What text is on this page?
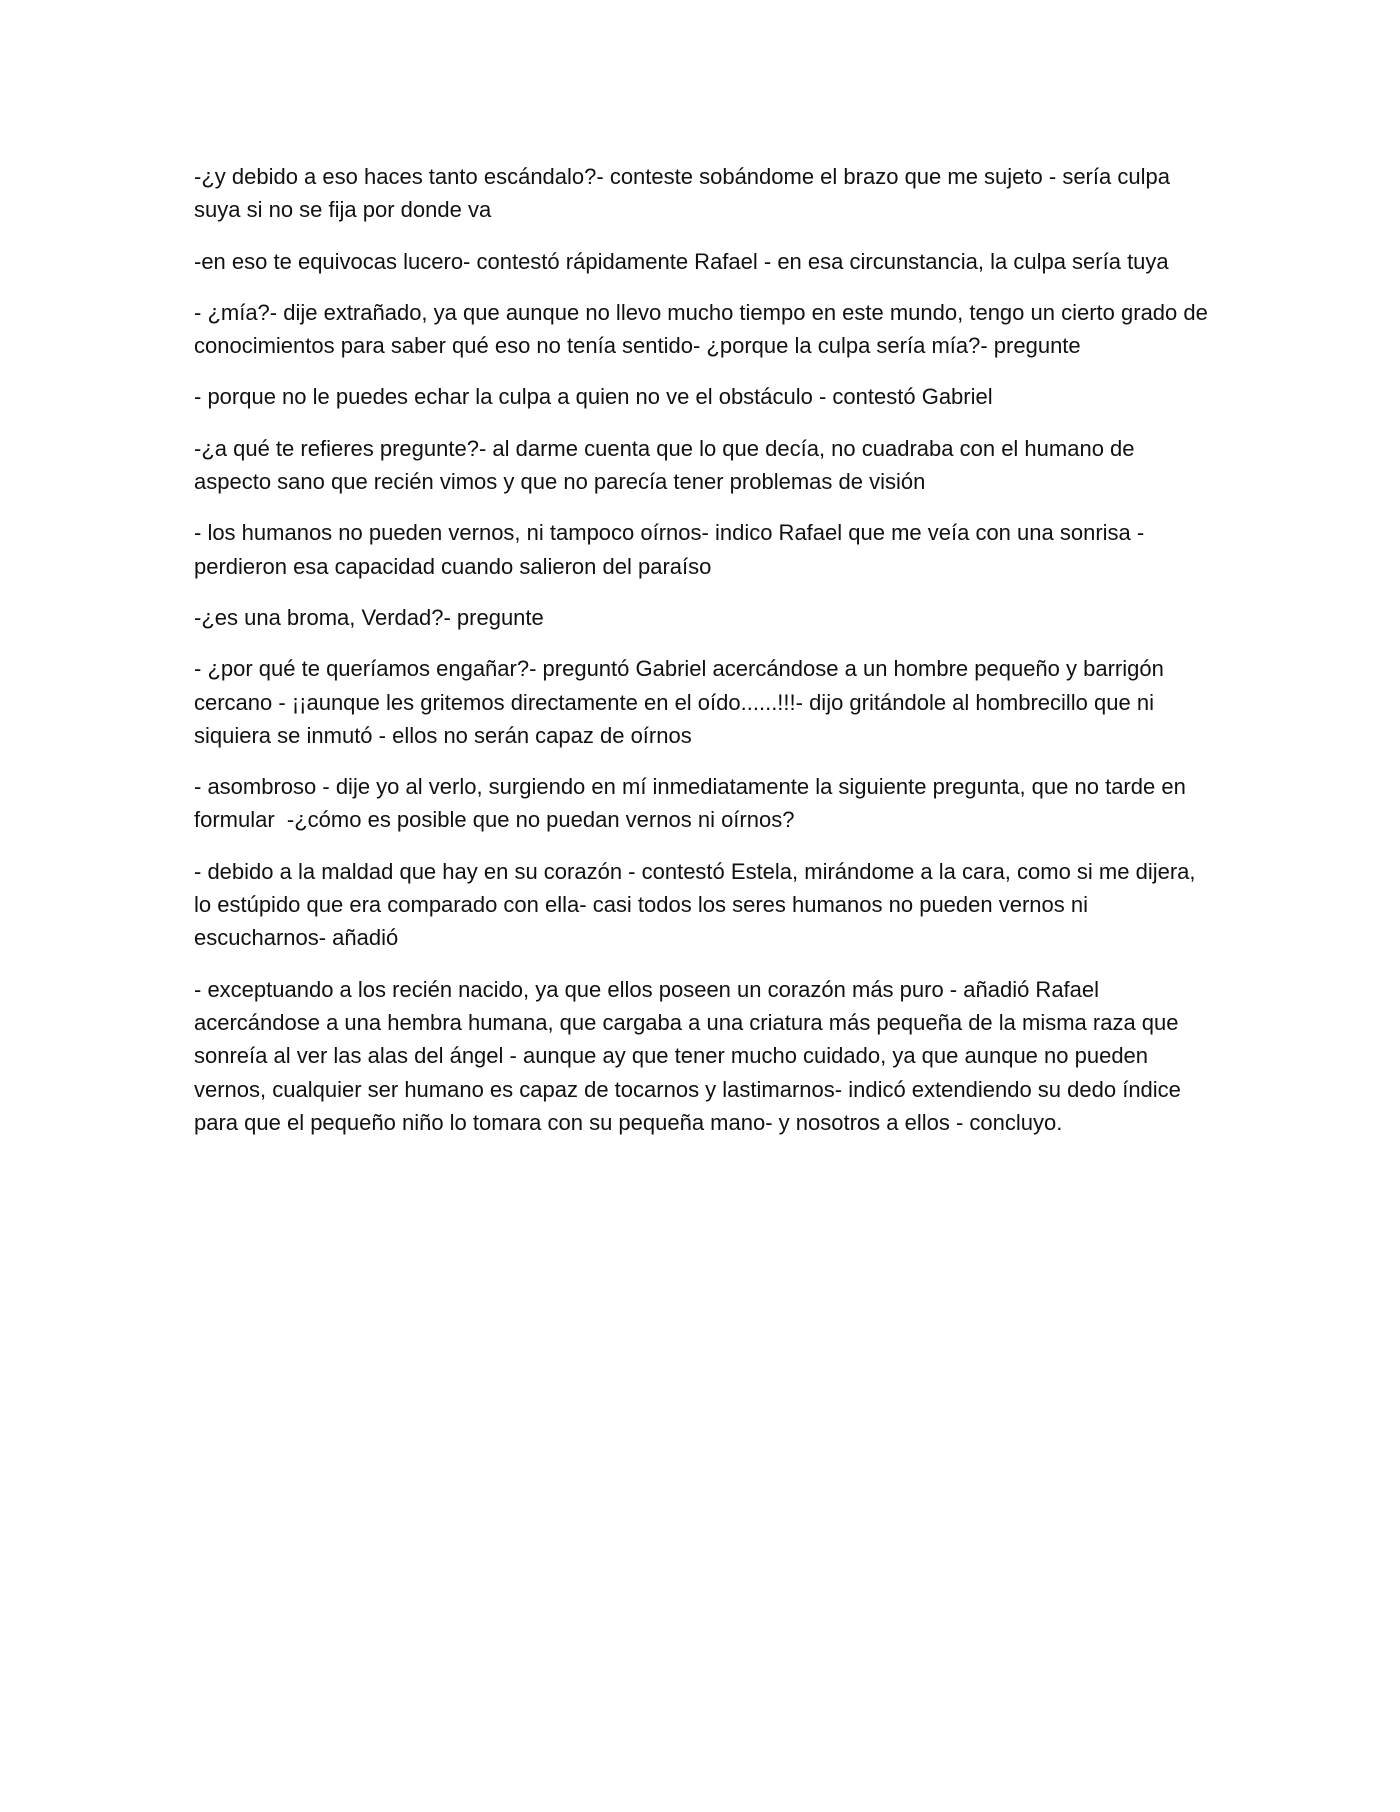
-¿y debido a eso haces tanto escándalo?- conteste sobándome el brazo que me sujeto - sería culpa suya si no se fija por donde va

-en eso te equivocas lucero- contestó rápidamente Rafael - en esa circunstancia, la culpa sería tuya

- ¿mía?- dije extrañado, ya que aunque no llevo mucho tiempo en este mundo, tengo un cierto grado de conocimientos para saber qué eso no tenía sentido- ¿porque la culpa sería mía?- pregunte

- porque no le puedes echar la culpa a quien no ve el obstáculo - contestó Gabriel

-¿a qué te refieres pregunte?- al darme cuenta que lo que decía, no cuadraba con el humano de aspecto sano que recién vimos y que no parecía tener problemas de visión

- los humanos no pueden vernos, ni tampoco oírnos- indico Rafael que me veía con una sonrisa - perdieron esa capacidad cuando salieron del paraíso

-¿es una broma, Verdad?- pregunte

- ¿por qué te queríamos engañar?- preguntó Gabriel acercándose a un hombre pequeño y barrigón cercano - ¡¡aunque les gritemos directamente en el oído......!!!- dijo gritándole al hombrecillo que ni siquiera se inmutó - ellos no serán capaz de oírnos

- asombroso - dije yo al verlo, surgiendo en mí inmediatamente la siguiente pregunta, que no tarde en formular  -¿cómo es posible que no puedan vernos ni oírnos?

- debido a la maldad que hay en su corazón - contestó Estela, mirándome a la cara, como si me dijera, lo estúpido que era comparado con ella- casi todos los seres humanos no pueden vernos ni escucharnos- añadió

- exceptuando a los recién nacido, ya que ellos poseen un corazón más puro - añadió Rafael acercándose a una hembra humana, que cargaba a una criatura más pequeña de la misma raza que sonreía al ver las alas del ángel - aunque ay que tener mucho cuidado, ya que aunque no pueden vernos, cualquier ser humano es capaz de tocarnos y lastimarnos- indicó extendiendo su dedo índice para que el pequeño niño lo tomara con su pequeña mano- y nosotros a ellos - concluyo.
